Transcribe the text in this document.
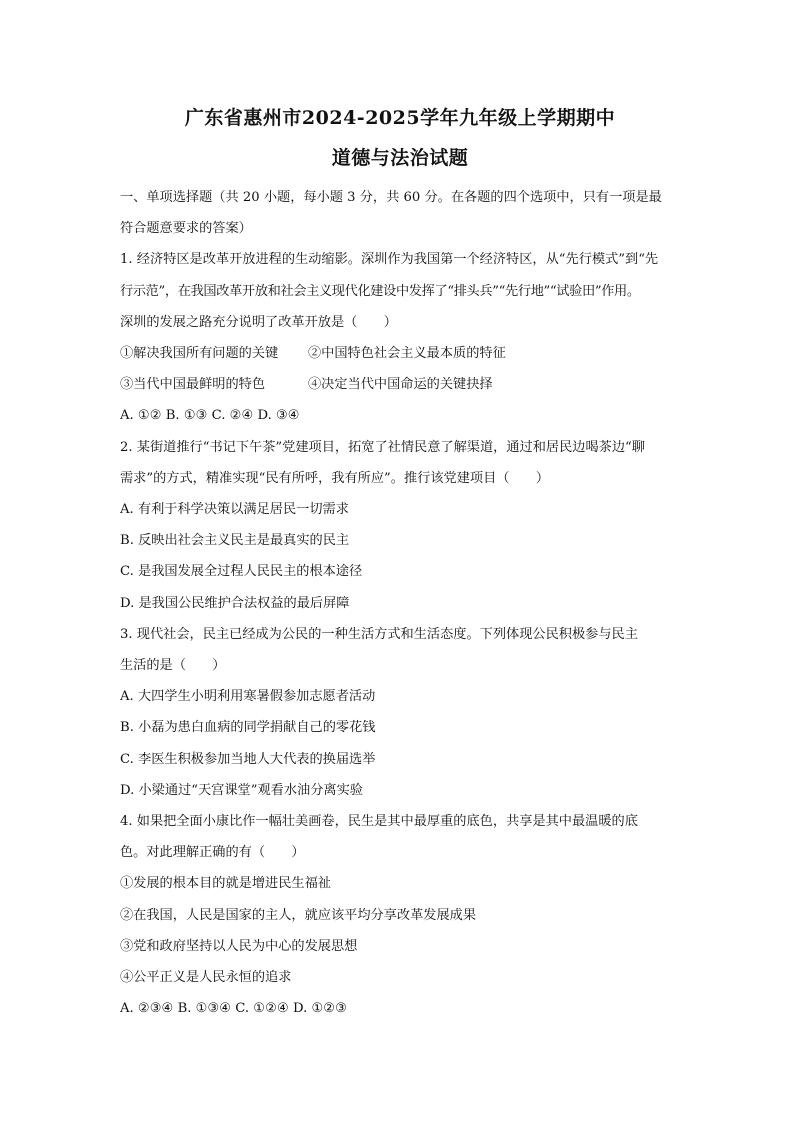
广东省惠州市2024-2025学年九年级上学期期中
道德与法治试题
一、单项选择题（共 20 小题，每小题 3 分，共 60 分。在各题的四个选项中，只有一项是最
符合题意要求的答案）
1. 经济特区是改革开放进程的生动缩影。深圳作为我国第一个经济特区，从“先行模式”到“先
行示范”，在我国改革开放和社会主义现代化建设中发挥了“排头兵”“先行地”“试验田”作用。
深圳的发展之路充分说明了改革开放是（　　）
①解决我国所有问题的关键 ②中国特色社会主义最本质的特征
③当代中国最鲜明的特色	④决定当代中国命运的关键抉择
A. ①② B. ①③ C. ②④ D. ③④
2. 某街道推行“书记下午茶”党建项目，拓宽了社情民意了解渠道，通过和居民边喝茶边“聊
需求”的方式，精准实现“民有所呼，我有所应”。推行该党建项目（　　）
A. 有利于科学决策以满足居民一切需求
B. 反映出社会主义民主是最真实的民主
C. 是我国发展全过程人民民主的根本途径
D. 是我国公民维护合法权益的最后屏障
3. 现代社会，民主已经成为公民的一种生活方式和生活态度。下列体现公民积极参与民主
生活的是（　　）
A. 大四学生小明利用寒暑假参加志愿者活动
B. 小磊为患白血病的同学捐献自己的零花钱
C. 李医生积极参加当地人大代表的换届选举
D. 小梁通过“天宫课堂”观看水油分离实验
4. 如果把全面小康比作一幅壮美画卷，民生是其中最厚重的底色，共享是其中最温暖的底
色。对此理解正确的有（　　）
①发展的根本目的就是增进民生福祉
②在我国，人民是国家的主人，就应该平均分享改革发展成果
③党和政府坚持以人民为中心的发展思想
④公平正义是人民永恒的追求
A. ②③④ B. ①③④ C. ①②④ D. ①②③
